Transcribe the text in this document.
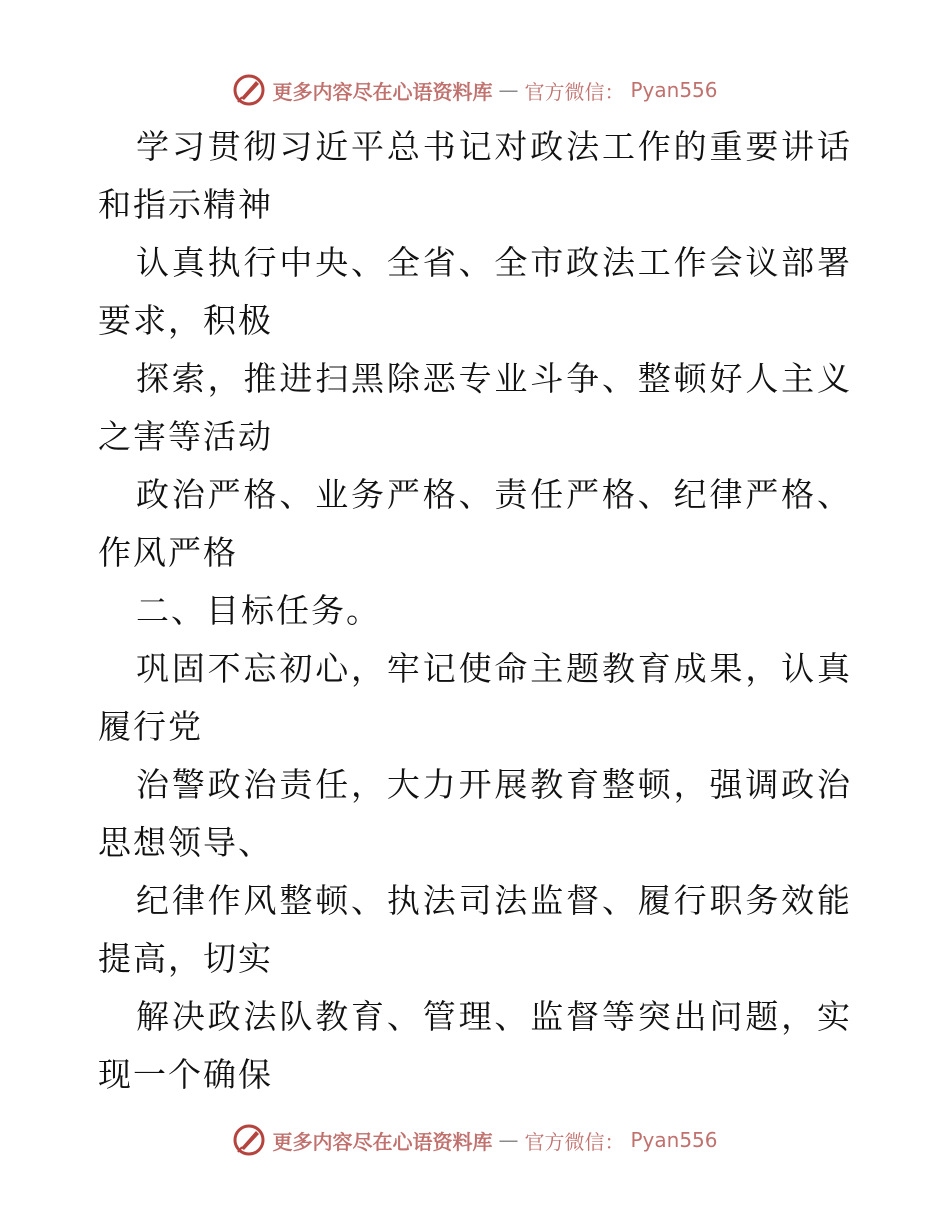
更多内容尽在心语资料库 — 官方微信： Pyan556

学习贯彻习近平总书记对政法工作的重要讲话和指示精神

认真执行中央、全省、全市政法工作会议部署要求，积极

探索，推进扫黑除恶专业斗争、整顿好人主义之害等活动

政治严格、业务严格、责任严格、纪律严格、作风严格

二、目标任务。

巩固不忘初心，牢记使命主题教育成果，认真履行党

治警政治责任，大力开展教育整顿，强调政治思想领导、

纪律作风整顿、执法司法监督、履行职务效能提高，切实

解决政法队教育、管理、监督等突出问题，实现一个确保

更多内容尽在心语资料库 — 官方微信： Pyan556
